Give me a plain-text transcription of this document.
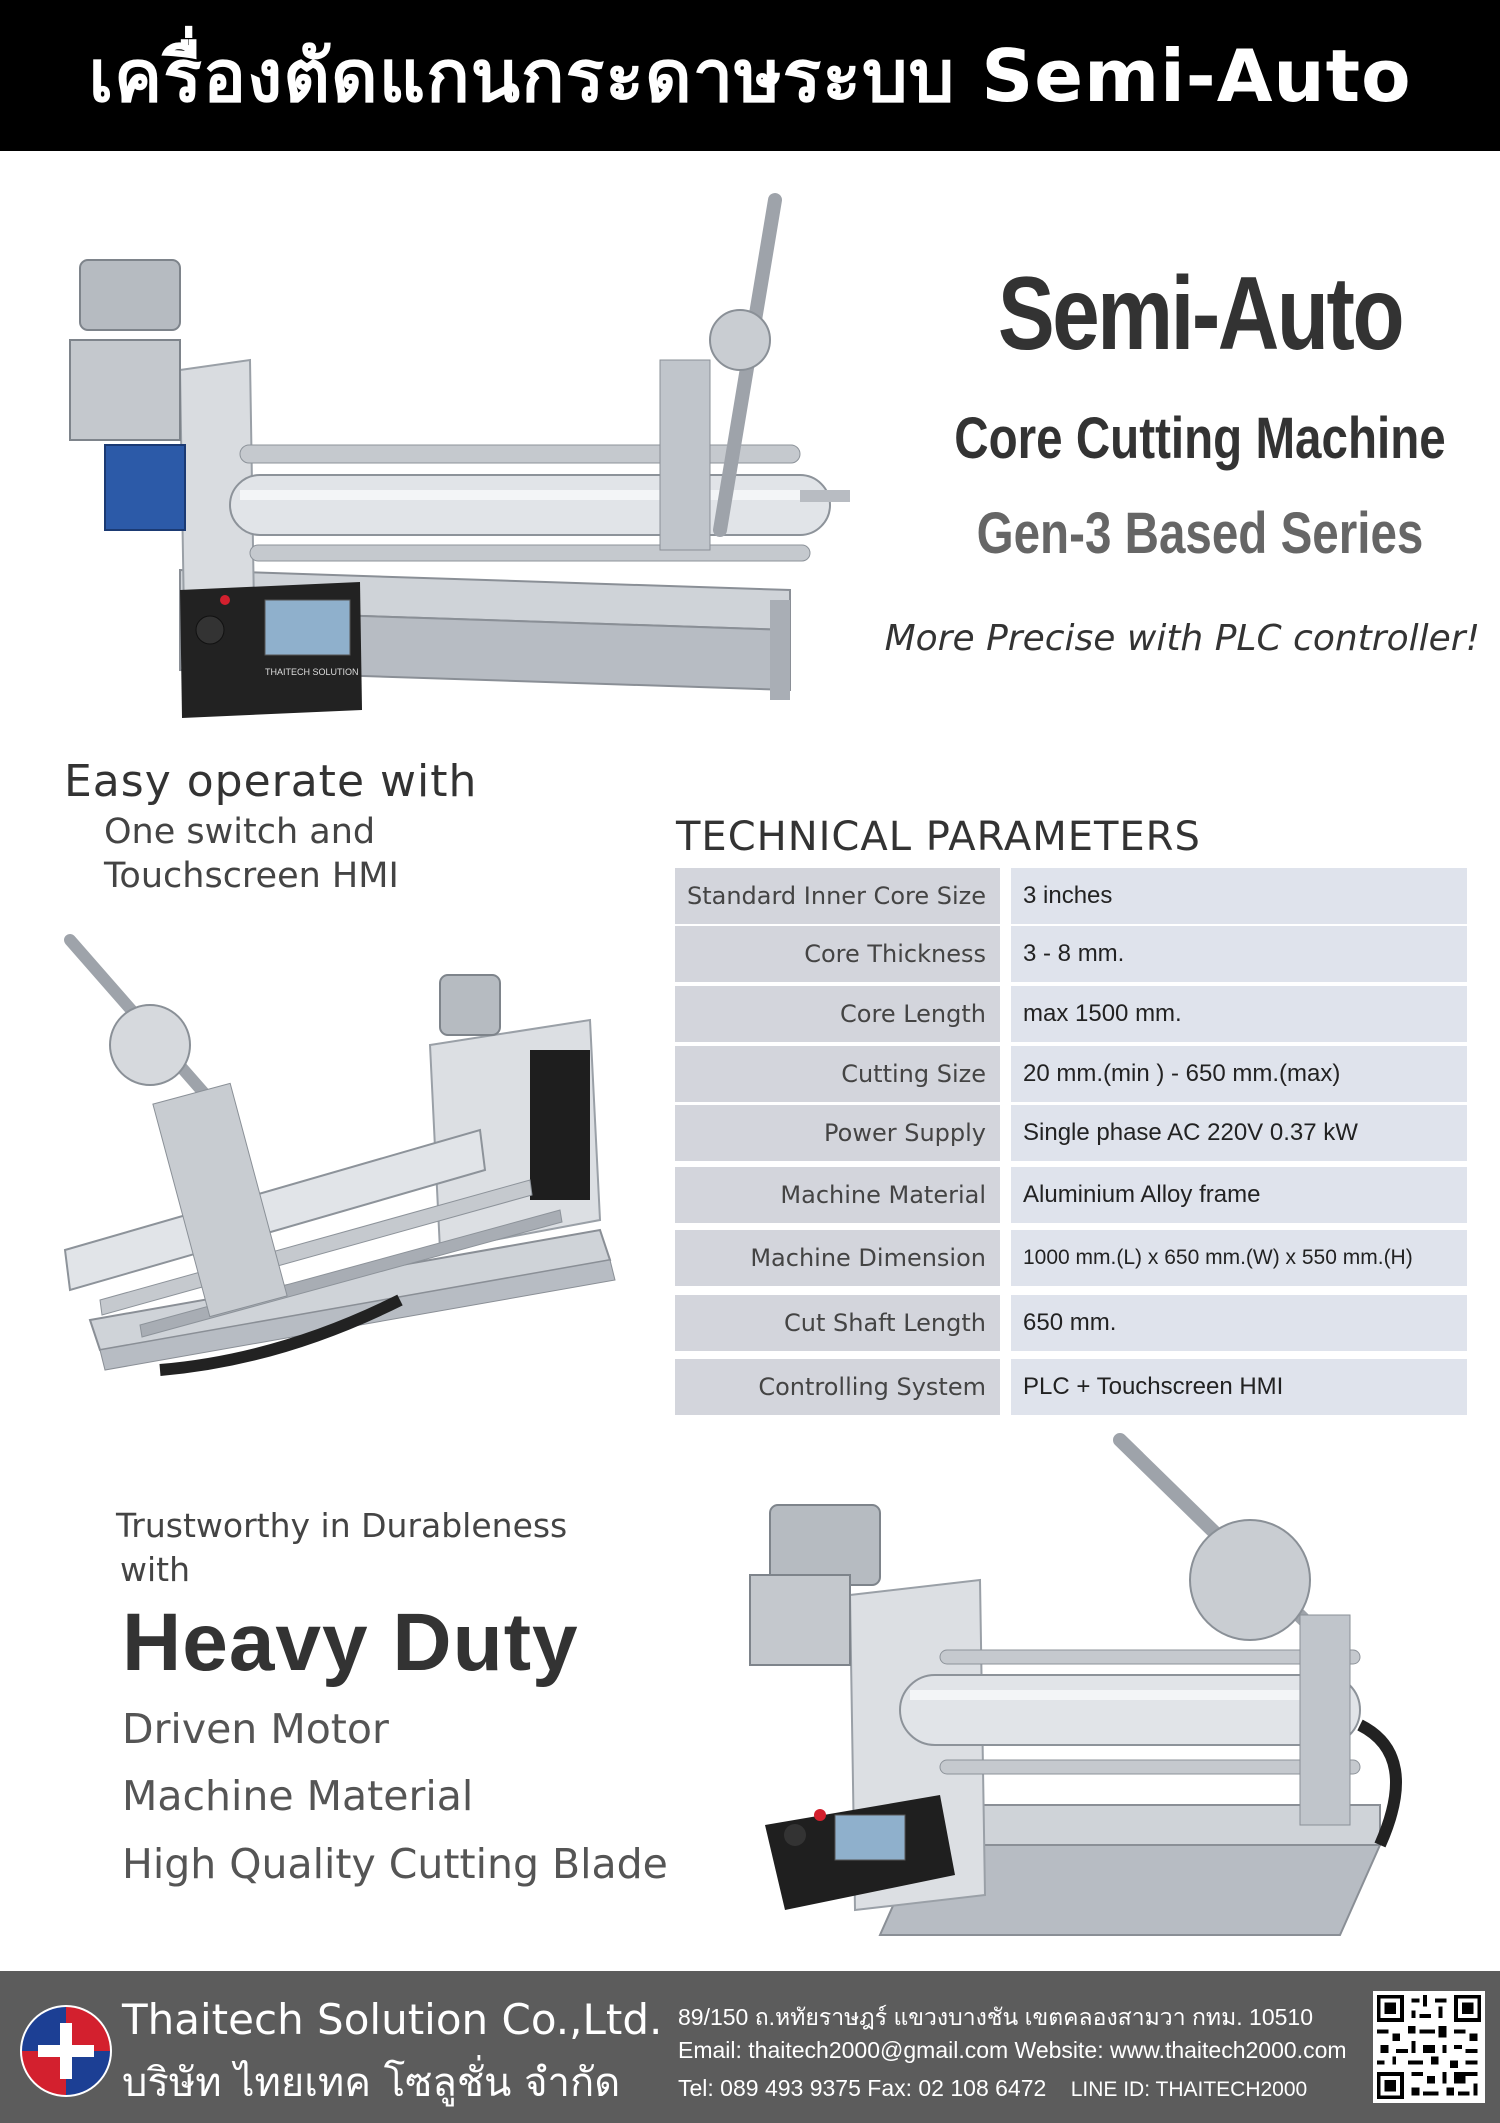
เครื่องตัดแกนกระดาษระบบ Semi-Auto
THAITECH SOLUTION
Semi-Auto
Core Cutting Machine
Gen-3 Based Series
More Precise with PLC controller!
Easy operate with
One switch and
Touchscreen HMI
TECHNICAL PARAMETERS
Standard Inner Core Size	3 inches
Core Thickness	3 - 8 mm.
Core Length	max 1500 mm.
Cutting Size	20 mm.(min ) - 650 mm.(max)
Power Supply	Single phase AC 220V 0.37 kW
Machine Material	Aluminium Alloy frame
Machine Dimension	1000 mm.(L) x 650 mm.(W) x 550 mm.(H)
Cut Shaft Length	650 mm.
Controlling System	PLC + Touchscreen HMI
Trustworthy in Durableness
with
Heavy Duty
Driven Motor
Machine Material
High Quality Cutting Blade
Thaitech Solution Co.,Ltd.
บริษัท ไทยเทค โซลูชั่น จำกัด
89/150 ถ.หทัยราษฎร์ แขวงบางชัน เขตคลองสามวา กทม. 10510
Email: thaitech2000@gmail.com Website: www.thaitech2000.com
Tel: 089 493 9375 Fax: 02 108 6472 LINE ID: THAITECH2000
